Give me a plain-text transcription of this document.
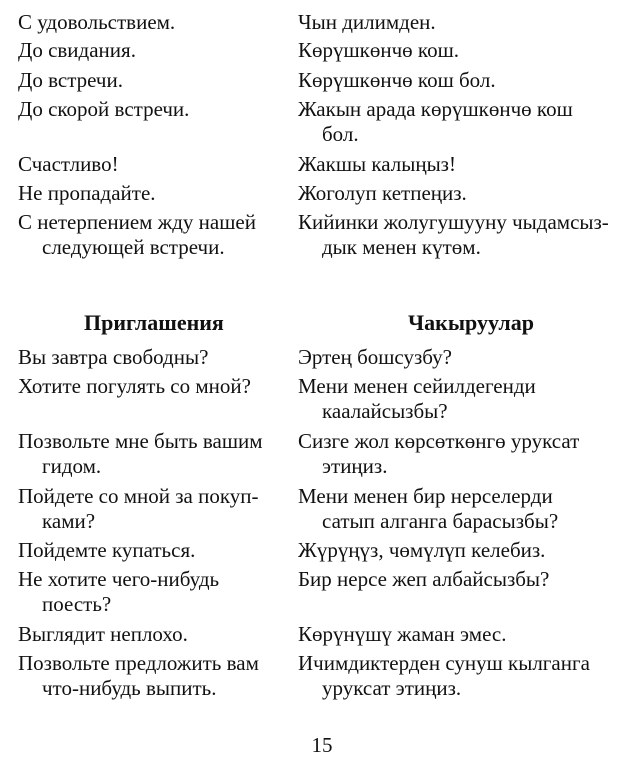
С удовольствием.
До свидания.
До встречи.
До скорой встречи.
Счастливо!
Не пропадайте.
С нетерпением жду нашей
следующей встречи.
Приглашения
Вы завтра свободны?
Хотите погулять со мной?
Позвольте мне быть вашим
гидом.
Пойдете со мной за покуп-
ками?
Пойдемте купаться.
Не хотите чего-нибудь
поесть?
Выглядит неплохо.
Позвольте предложить вам
что-нибудь выпить.
Чын дилимден.
Көрүшкөнчө кош.
Көрүшкөнчө кош бол.
Жакын арада көрүшкөнчө кош
бол.
Жакшы калыңыз!
Жоголуп кетпеңиз.
Кийинки жолугушууну чыдамсыз-
дык менен күтөм.
Чакыруулар
Эртең бошсузбу?
Мени менен сейилдегенди
каалайсызбы?
Сизге жол көрсөткөнгө уруксат
этиңиз.
Мени менен бир нерселерди
сатып алганга барасызбы?
Жүрүңүз, чөмүлүп келебиз.
Бир нерсе жеп албайсызбы?
Көрүнүшү жаман эмес.
Ичимдиктерден сунуш кылганга
уруксат этиңиз.
15
